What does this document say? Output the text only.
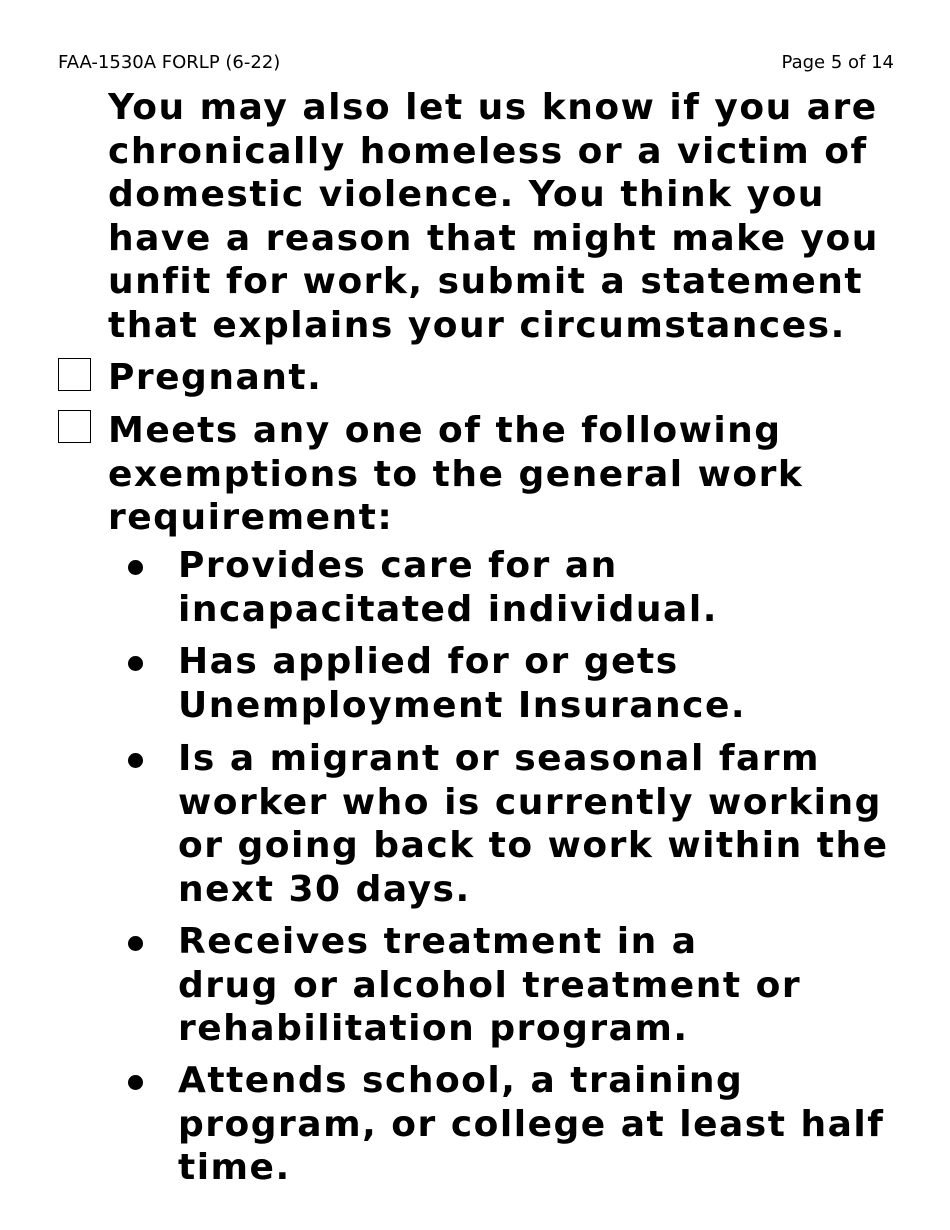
FAA-1530A FORLP (6-22)	Page 5 of 14
You may also let us know if you are
chronically homeless or a victim of
domestic violence. You think you
have a reason that might make you
unfit for work, submit a statement
that explains your circumstances.
Pregnant.
Meets any one of the following
exemptions to the general work
requirement:
Provides care for an
incapacitated individual.
Has applied for or gets
Unemployment Insurance.
Is a migrant or seasonal farm
worker who is currently working
or going back to work within the
next 30 days.
Receives treatment in a
drug or alcohol treatment or
rehabilitation program.
Attends school, a training
program, or college at least half
time.
